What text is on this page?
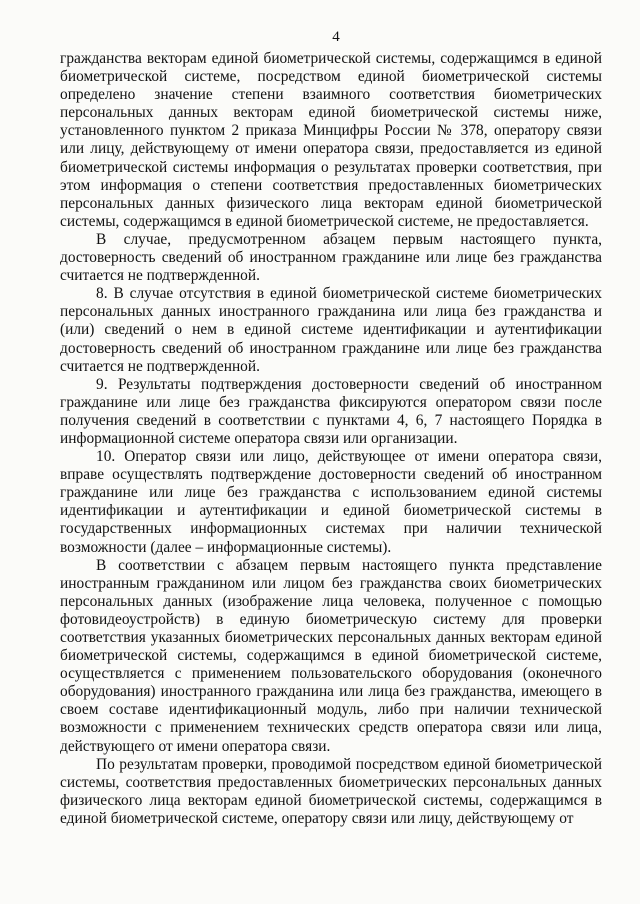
4

гражданства векторам единой биометрической системы, содержащимся в единой биометрической системе, посредством единой биометрической системы определено значение степени взаимного соответствия биометрических персональных данных векторам единой биометрической системы ниже, установленного пунктом 2 приказа Минцифры России № 378, оператору связи или лицу, действующему от имени оператора связи, предоставляется из единой биометрической системы информация о результатах проверки соответствия, при этом информация о степени соответствия предоставленных биометрических персональных данных физического лица векторам единой биометрической системы, содержащимся в единой биометрической системе, не предоставляется.

В случае, предусмотренном абзацем первым настоящего пункта, достоверность сведений об иностранном гражданине или лице без гражданства считается не подтвержденной.

8. В случае отсутствия в единой биометрической системе биометрических персональных данных иностранного гражданина или лица без гражданства и (или) сведений о нем в единой системе идентификации и аутентификации достоверность сведений об иностранном гражданине или лице без гражданства считается не подтвержденной.

9. Результаты подтверждения достоверности сведений об иностранном гражданине или лице без гражданства фиксируются оператором связи после получения сведений в соответствии с пунктами 4, 6, 7 настоящего Порядка в информационной системе оператора связи или организации.

10. Оператор связи или лицо, действующее от имени оператора связи, вправе осуществлять подтверждение достоверности сведений об иностранном гражданине или лице без гражданства с использованием единой системы идентификации и аутентификации и единой биометрической системы в государственных информационных системах при наличии технической возможности (далее – информационные системы).

В соответствии с абзацем первым настоящего пункта представление иностранным гражданином или лицом без гражданства своих биометрических персональных данных (изображение лица человека, полученное с помощью фотовидеоустройств) в единую биометрическую систему для проверки соответствия указанных биометрических персональных данных векторам единой биометрической системы, содержащимся в единой биометрической системе, осуществляется с применением пользовательского оборудования (оконечного оборудования) иностранного гражданина или лица без гражданства, имеющего в своем составе идентификационный модуль, либо при наличии технической возможности с применением технических средств оператора связи или лица, действующего от имени оператора связи.

По результатам проверки, проводимой посредством единой биометрической системы, соответствия предоставленных биометрических персональных данных физического лица векторам единой биометрической системы, содержащимся в единой биометрической системе, оператору связи или лицу, действующему от
